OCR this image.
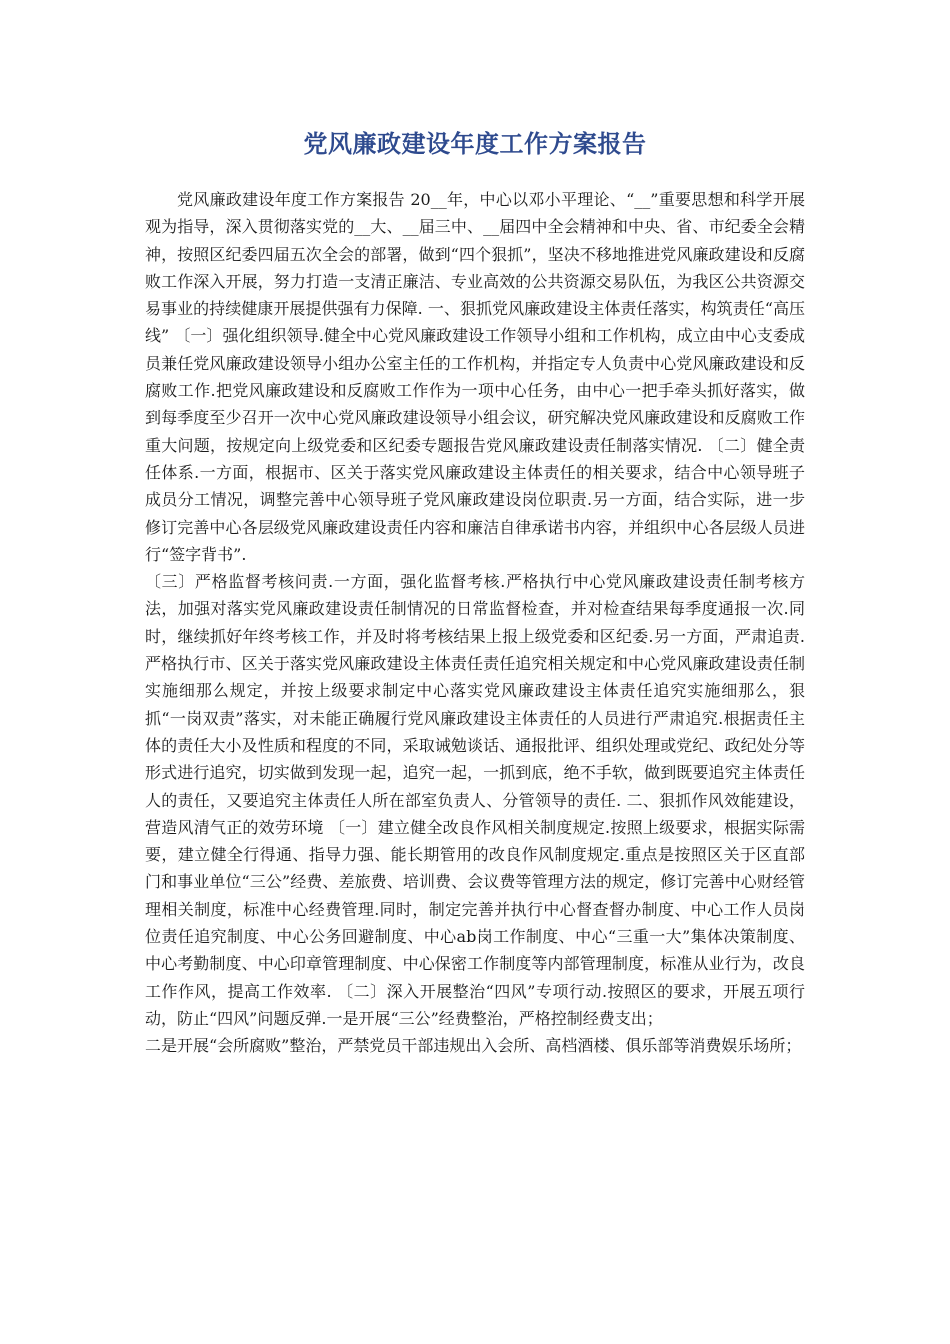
党风廉政建设年度工作方案报告

党风廉政建设年度工作方案报告 20__年，中心以邓小平理论、“__”重要思想和科学开展观为指导，深入贯彻落实党的__大、__届三中、__届四中全会精神和中央、省、市纪委全会精神，按照区纪委四届五次全会的部署，做到“四个狠抓”，坚决不移地推进党风廉政建设和反腐败工作深入开展，努力打造一支清正廉洁、专业高效的公共资源交易队伍，为我区公共资源交易事业的持续健康开展提供强有力保障. 一、狠抓党风廉政建设主体责任落实，构筑责任“高压线” 〔一〕强化组织领导.健全中心党风廉政建设工作领导小组和工作机构，成立由中心支委成员兼任党风廉政建设领导小组办公室主任的工作机构，并指定专人负责中心党风廉政建设和反腐败工作.把党风廉政建设和反腐败工作作为一项中心任务，由中心一把手牵头抓好落实，做到每季度至少召开一次中心党风廉政建设领导小组会议，研究解决党风廉政建设和反腐败工作重大问题，按规定向上级党委和区纪委专题报告党风廉政建设责任制落实情况. 〔二〕健全责任体系.一方面，根据市、区关于落实党风廉政建设主体责任的相关要求，结合中心领导班子成员分工情况，调整完善中心领导班子党风廉政建设岗位职责.另一方面，结合实际，进一步修订完善中心各层级党风廉政建设责任内容和廉洁自律承诺书内容，并组织中心各层级人员进行“签字背书”.

〔三〕严格监督考核问责.一方面，强化监督考核.严格执行中心党风廉政建设责任制考核方法，加强对落实党风廉政建设责任制情况的日常监督检查，并对检查结果每季度通报一次.同时，继续抓好年终考核工作，并及时将考核结果上报上级党委和区纪委.另一方面，严肃追责.严格执行市、区关于落实党风廉政建设主体责任责任追究相关规定和中心党风廉政建设责任制实施细那么规定，并按上级要求制定中心落实党风廉政建设主体责任追究实施细那么，狠抓“一岗双责”落实，对未能正确履行党风廉政建设主体责任的人员进行严肃追究.根据责任主体的责任大小及性质和程度的不同，采取诫勉谈话、通报批评、组织处理或党纪、政纪处分等形式进行追究，切实做到发现一起，追究一起，一抓到底，绝不手软，做到既要追究主体责任人的责任，又要追究主体责任人所在部室负责人、分管领导的责任. 二、狠抓作风效能建设，营造风清气正的效劳环境 〔一〕建立健全改良作风相关制度规定.按照上级要求，根据实际需要，建立健全行得通、指导力强、能长期管用的改良作风制度规定.重点是按照区关于区直部门和事业单位“三公”经费、差旅费、培训费、会议费等管理方法的规定，修订完善中心财经管理相关制度，标准中心经费管理.同时，制定完善并执行中心督查督办制度、中心工作人员岗位责任追究制度、中心公务回避制度、中心ab岗工作制度、中心“三重一大”集体决策制度、中心考勤制度、中心印章管理制度、中心保密工作制度等内部管理制度，标准从业行为，改良工作作风，提高工作效率. 〔二〕深入开展整治“四风”专项行动.按照区的要求，开展五项行动，防止“四风”问题反弹.一是开展“三公”经费整治，严格控制经费支出；

二是开展“会所腐败”整治，严禁党员干部违规出入会所、高档酒楼、俱乐部等消费娱乐场所；
